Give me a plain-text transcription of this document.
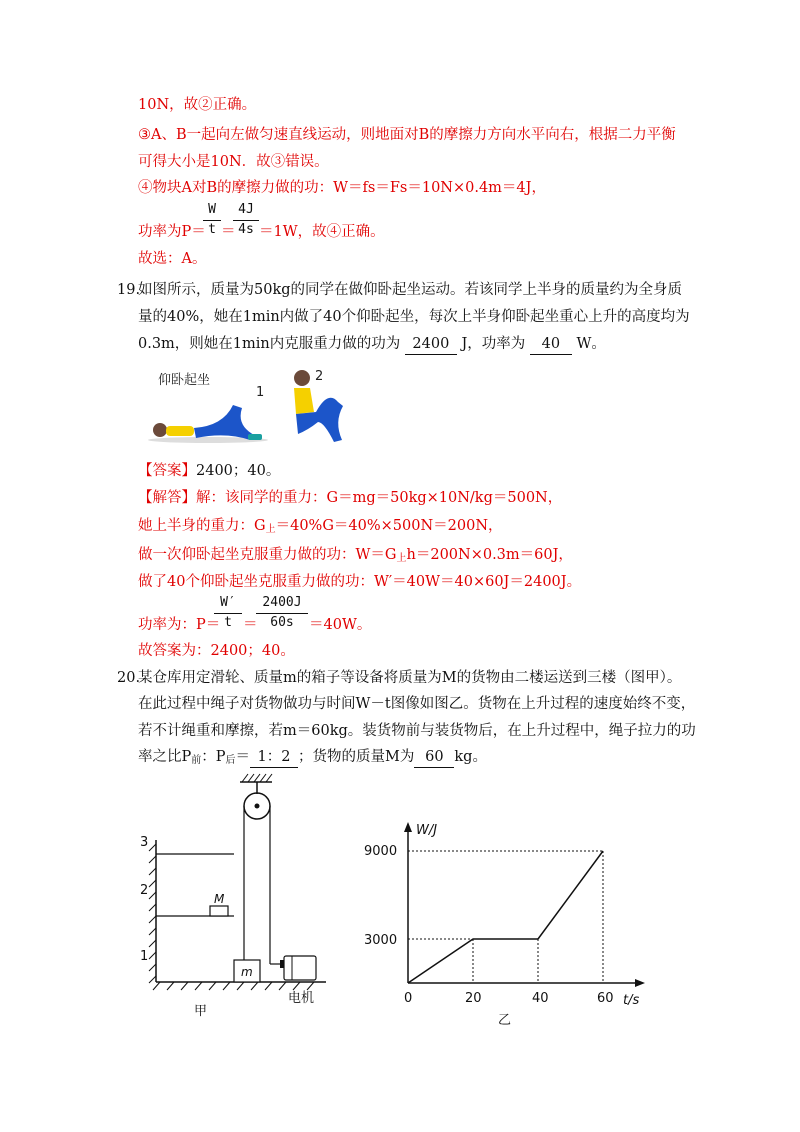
10N，故②正确。
③A、B一起向左做匀速直线运动，则地面对B的摩擦力方向水平向右，根据二力平衡
可得大小是10N．故③错误。
④物块A对B的摩擦力做的功：W＝fs＝Fs＝10N×0.4m＝4J，
W
t
4J
4s
功率为P＝ ＝ ＝1W，故④正确。
故选：A。
19.
如图所示，质量为50kg的同学在做仰卧起坐运动。若该同学上半身的质量约为全身质
量的40%，她在1min内做了40个仰卧起坐，每次上半身仰卧起坐重心上升的高度均为
0.3m，则她在1min内克服重力做的功为 2400 J，功率为 40 W。
仰卧起坐
1
2
【答案】2400；40。
【解答】解：该同学的重力：G＝mg＝50kg×10N/kg＝500N，
她上半身的重力：$G_上=40\%G=40\%\times 500N=200N$，
做一次仰卧起坐克服重力做的功：$W=G_上h=200N\times 0.3m=60J$，
做了40个仰卧起坐克服重力做的功：W′＝40W＝40×60J＝2400J。
W′
t
2400J
60s
功率为：P＝ ＝	＝40W。
故答案为：2400；40。
20.
某仓库用定滑轮、质量m的箱子等设备将质量为M的货物由二楼运送到三楼（图甲）。
在此过程中绳子对货物做功与时间W－t图像如图乙。货物在上升过程的速度始终不变，
若不计绳重和摩擦，若m＝60kg。装货物前与装货物后，在上升过程中，绳子拉力的功
率之比$P_前$：$P_后= 1$：2 ；货物的质量M为 60 kg。
3
2
1
M
m
电机
甲
W/J
t/s
9000
3000
0	20	40	60
乙
